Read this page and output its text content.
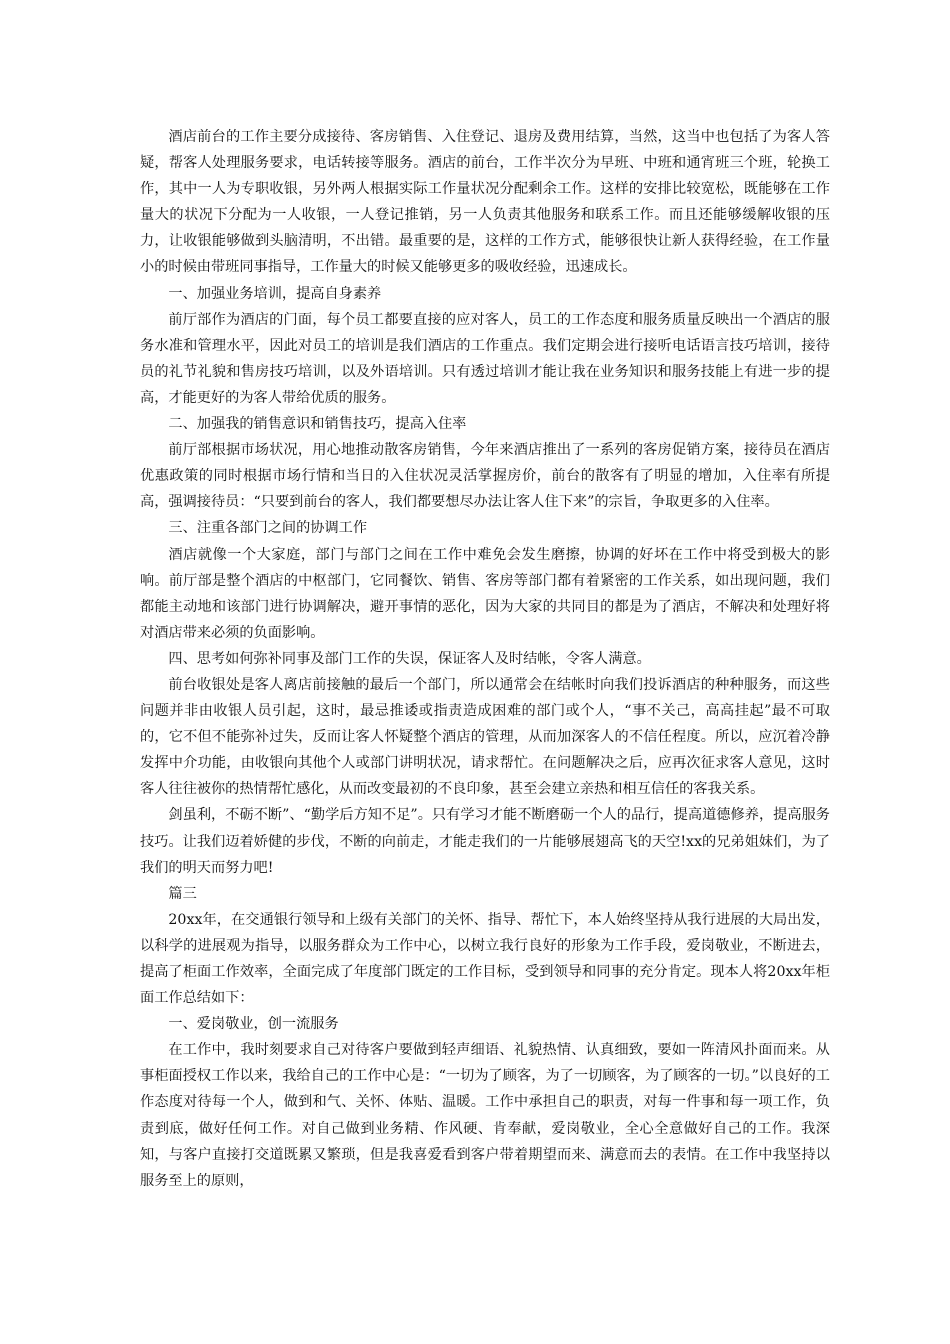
酒店前台的工作主要分成接待、客房销售、入住登记、退房及费用结算，当然，这当中也包括了为客人答疑，帮客人处理服务要求，电话转接等服务。酒店的前台，工作半次分为早班、中班和通宵班三个班，轮换工作，其中一人为专职收银，另外两人根据实际工作量状况分配剩余工作。这样的安排比较宽松，既能够在工作量大的状况下分配为一人收银，一人登记推销，另一人负责其他服务和联系工作。而且还能够缓解收银的压力，让收银能够做到头脑清明，不出错。最重要的是，这样的工作方式，能够很快让新人获得经验，在工作量小的时候由带班同事指导，工作量大的时候又能够更多的吸收经验，迅速成长。

一、加强业务培训，提高自身素养

前厅部作为酒店的门面，每个员工都要直接的应对客人，员工的工作态度和服务质量反映出一个酒店的服务水准和管理水平，因此对员工的培训是我们酒店的工作重点。我们定期会进行接听电话语言技巧培训，接待员的礼节礼貌和售房技巧培训，以及外语培训。只有透过培训才能让我在业务知识和服务技能上有进一步的提高，才能更好的为客人带给优质的服务。

二、加强我的销售意识和销售技巧，提高入住率

前厅部根据市场状况，用心地推动散客房销售，今年来酒店推出了一系列的客房促销方案，接待员在酒店优惠政策的同时根据市场行情和当日的入住状况灵活掌握房价，前台的散客有了明显的增加，入住率有所提高，强调接待员：“只要到前台的客人，我们都要想尽办法让客人住下来”的宗旨，争取更多的入住率。

三、注重各部门之间的协调工作

酒店就像一个大家庭，部门与部门之间在工作中难免会发生磨擦，协调的好坏在工作中将受到极大的影响。前厅部是整个酒店的中枢部门，它同餐饮、销售、客房等部门都有着紧密的工作关系，如出现问题，我们都能主动地和该部门进行协调解决，避开事情的恶化，因为大家的共同目的都是为了酒店，不解决和处理好将对酒店带来必须的负面影响。

四、思考如何弥补同事及部门工作的失误，保证客人及时结帐，令客人满意。

前台收银处是客人离店前接触的最后一个部门，所以通常会在结帐时向我们投诉酒店的种种服务，而这些问题并非由收银人员引起，这时，最忌推诿或指责造成困难的部门或个人，“事不关己，高高挂起”最不可取的，它不但不能弥补过失，反而让客人怀疑整个酒店的管理，从而加深客人的不信任程度。所以，应沉着冷静发挥中介功能，由收银向其他个人或部门讲明状况，请求帮忙。在问题解决之后，应再次征求客人意见，这时客人往往被你的热情帮忙感化，从而改变最初的不良印象，甚至会建立亲热和相互信任的客我关系。

剑虽利，不砺不断”、“勤学后方知不足”。只有学习才能不断磨砺一个人的品行，提高道德修养，提高服务技巧。让我们迈着娇健的步伐，不断的向前走，才能走我们的一片能够展翅高飞的天空!xx的兄弟姐妹们，为了我们的明天而努力吧!

篇三

20xx年，在交通银行领导和上级有关部门的关怀、指导、帮忙下，本人始终坚持从我行进展的大局出发，以科学的进展观为指导，以服务群众为工作中心，以树立我行良好的形象为工作手段，爱岗敬业，不断进去，提高了柜面工作效率，全面完成了年度部门既定的工作目标，受到领导和同事的充分肯定。现本人将20xx年柜面工作总结如下：

一、爱岗敬业，创一流服务

在工作中，我时刻要求自己对待客户要做到轻声细语、礼貌热情、认真细致，要如一阵清风扑面而来。从事柜面授权工作以来，我给自己的工作中心是：“一切为了顾客，为了一切顾客，为了顾客的一切。”以良好的工作态度对待每一个人，做到和气、关怀、体贴、温暖。工作中承担自己的职责，对每一件事和每一项工作，负责到底，做好任何工作。对自己做到业务精、作风硬、肯奉献，爱岗敬业，全心全意做好自己的工作。我深知，与客户直接打交道既累又繁琐，但是我喜爱看到客户带着期望而来、满意而去的表情。在工作中我坚持以服务至上的原则，
